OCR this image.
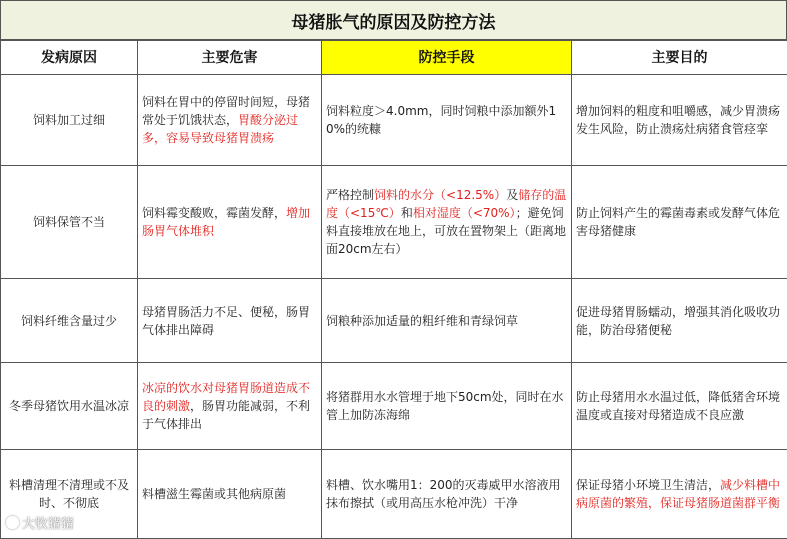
母猪胀气的原因及防控方法
发病原因	主要危害	防控手段	主要目的
饲料加工过细	饲料在胃中的停留时间短，母猪常处于饥饿状态，胃酸分泌过多，容易导致母猪胃溃疡	饲料粒度＞4.0mm，同时饲粮中添加额外10%的统糠	增加饲料的粗度和咀嚼感，减少胃溃疡发生风险，防止溃疡灶病猪食管痉挛
饲料保管不当	饲料霉变酸败，霉菌发酵，增加肠胃气体堆积	严格控制饲料的水分（<12.5%）及储存的温度（<15℃）和相对湿度（<70%）；避免饲料直接堆放在地上，可放在置物架上（距离地面20cm左右）	防止饲料产生的霉菌毒素或发酵气体危害母猪健康
饲料纤维含量过少	母猪胃肠活力不足、便秘，肠胃气体排出障碍	饲粮种添加适量的粗纤维和青绿饲草	促进母猪胃肠蠕动，增强其消化吸收功能，防治母猪便秘
冬季母猪饮用水温冰凉	冰凉的饮水对母猪胃肠道造成不良的刺激，肠胃功能减弱，不利于气体排出	将猪群用水水管埋于地下50cm处，同时在水管上加防冻海绵	防止母猪用水水温过低，降低猪舍环境温度或直接对母猪造成不良应激
料槽清理不清理或不及时、不彻底	料槽滋生霉菌或其他病原菌	料槽、饮水嘴用1：200的灭毒威甲水溶液用抹布擦拭（或用高压水枪冲洗）干净	保证母猪小环境卫生清洁，减少料槽中病原菌的繁殖，保证母猪肠道菌群平衡
大牧猪猪
